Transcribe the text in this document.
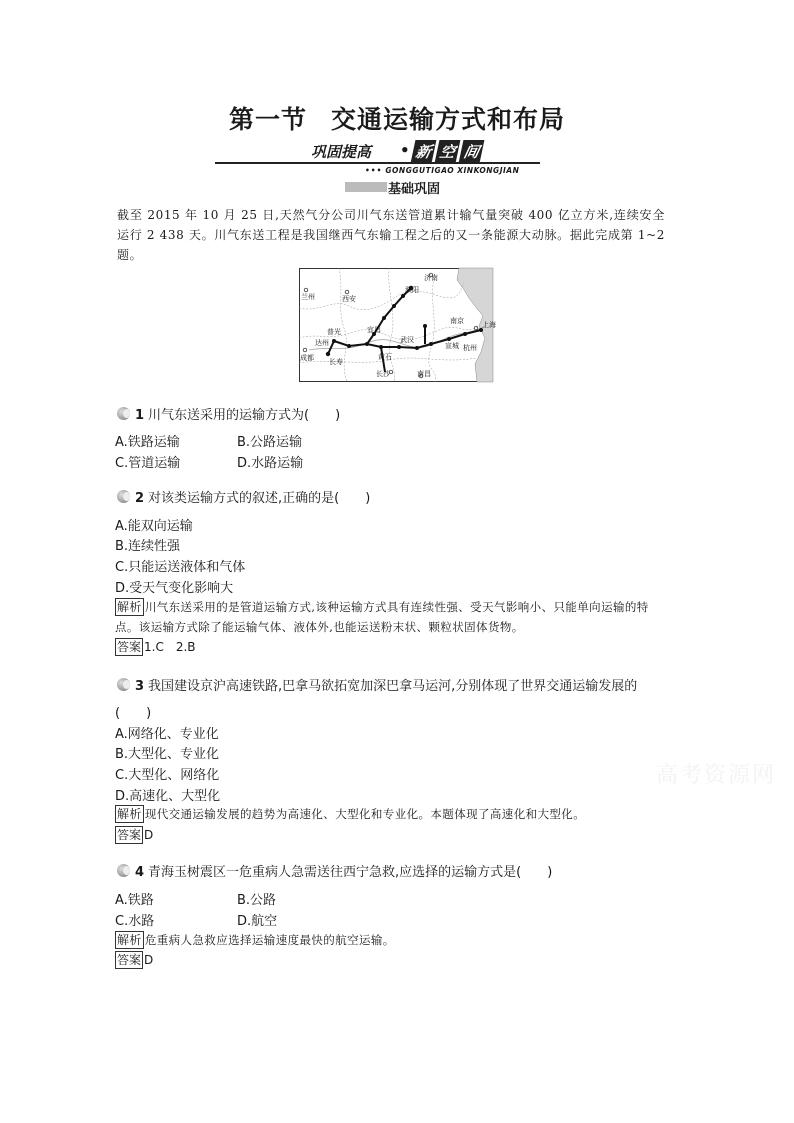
第一节 交通运输方式和布局
巩固提高 • 新 空 间
••• GONGGUTIGAO XINKONGJIAN
基础巩固
截至 2015 年 10 月 25 日,天然气分公司川气东送管道累计输气量突破 400 亿立方米,连续安全运行 2 438 天。川气东送工程是我国继西气东输工程之后的又一条能源大动脉。据此完成第 1~2 题。
济南
兰州	西安
濮阳
南京	上海
普光	宜昌
达州
成都 长寿
武汉
宣城 杭州
黄石
长沙	南昌
1 川气东送采用的运输方式为(　　)
A.铁路运输	B.公路运输
C.管道运输	D.水路运输
2 对该类运输方式的叙述,正确的是(　　)
A.能双向运输
B.连续性强
C.只能运送液体和气体
D.受天气变化影响大
解析 川气东送采用的是管道运输方式,该种运输方式具有连续性强、受天气影响小、只能单向运输的特点。该运输方式除了能运输气体、液体外,也能运送粉末状、颗粒状固体货物。
答案 1.C　2.B
3 我国建设京沪高速铁路,巴拿马欲拓宽加深巴拿马运河,分别体现了世界交通运输发展的
(　　)
A.网络化、专业化
B.大型化、专业化
C.大型化、网络化
D.高速化、大型化
解析 现代交通运输发展的趋势为高速化、大型化和专业化。本题体现了高速化和大型化。
答案 D
高考资源网
4 青海玉树震区一危重病人急需送往西宁急救,应选择的运输方式是(　　)
A.铁路	B.公路
C.水路	D.航空
解析 危重病人急救应选择运输速度最快的航空运输。
答案 D
